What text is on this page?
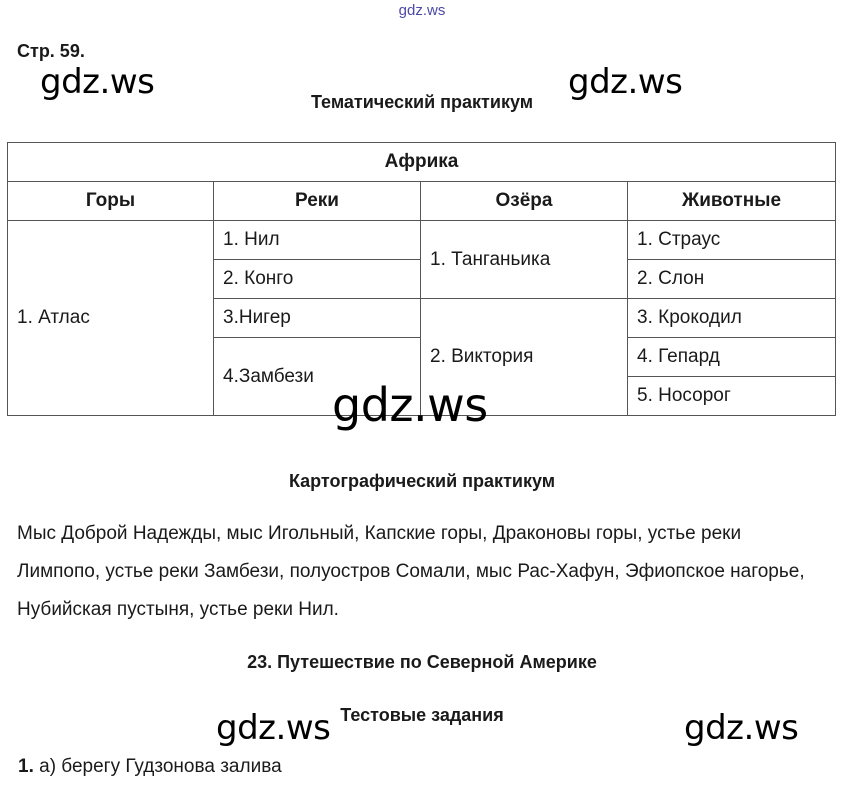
gdz.ws
Стр. 59.
gdz.ws	gdz.ws
Тематический практикум
Африка			
Горы	Реки	Озёра	Животные
1. Атлас	1. Нил	1. Танганьика	1. Страус
	2. Конго		2. Слон
	3.Нигер	2. Виктория	3. Крокодил
	4.Замбези		4. Гепард
			5. Носорог
gdz.ws
Картографический практикум
Мыс Доброй Надежды, мыс Игольный, Капские горы, Драконовы горы, устье реки Лимпопо, устье реки Замбези, полуостров Сомали, мыс Рас-Хафун, Эфиопское нагорье, Нубийская пустыня, устье реки Нил.
23. Путешествие по Северной Америке
Тестовые задания
gdz.ws	gdz.ws
1. а) берегу Гудзонова залива
